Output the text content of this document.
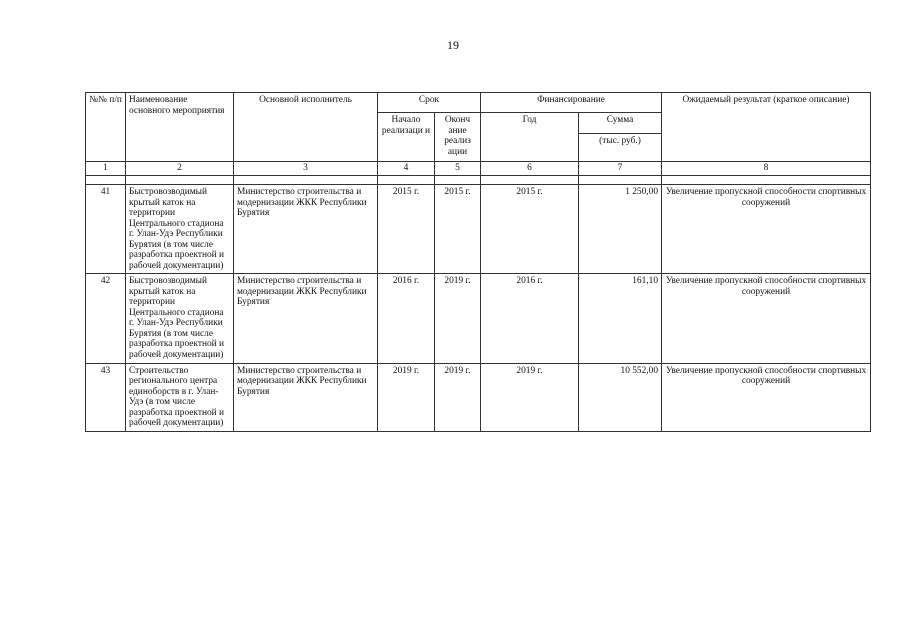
19
№№ п/п	Наименование основного мероприятия	Основной исполнитель	Срок		Финансирование		Ожидаемый результат (краткое описание)
			Начало реализаци и	Оконч ание реализ ации	Год	Сумма	
						(тыс. руб.)	
1	2	3	4	5	6	7	8

41	Быстровозводимый крытый каток на территории Центрального стадиона г. Улан-Удэ Республики Бурятия (в том числе разработка проектной и рабочей документации)	Министерство строительства и модернизации ЖКК Республики Бурятия	2015 г.	2015 г.	2015 г.	1 250,00	Увеличение пропускной способности спортивных сооружений
42	Быстровозводимый крытый каток на территории Центрального стадиона г. Улан-Удэ Республики Бурятия (в том числе разработка проектной и рабочей документации)	Министерство строительства и модернизации ЖКК Республики Бурятия	2016 г.	2019 г.	2016 г.	161,10	Увеличение пропускной способности спортивных сооружений
43	Строительство регионального центра единоборств в г. Улан-Удэ (в том числе разработка проектной и рабочей документации)	Министерство строительства и модернизации ЖКК Республики Бурятия	2019 г.	2019 г.	2019 г.	10 552,00	Увеличение пропускной способности спортивных сооружений
